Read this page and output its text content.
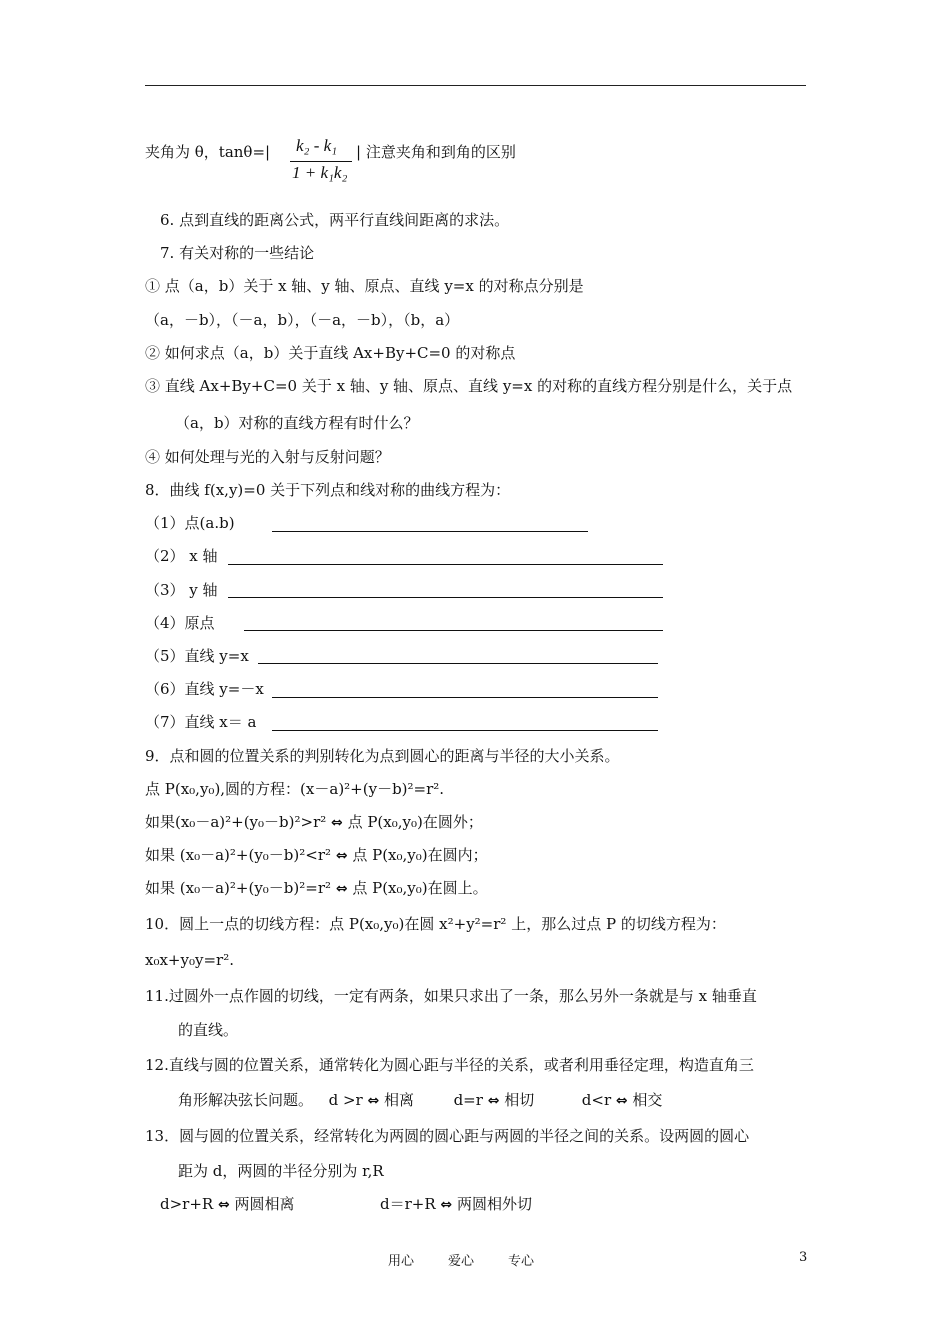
夹角为 θ，tanθ=| k₂ - k₁
1 + k₁k₂
| 注意夹角和到角的区别
6. 点到直线的距离公式，两平行直线间距离的求法。
7. 有关对称的一些结论
① 点（a，b）关于 x 轴、y 轴、原点、直线 y=x 的对称点分别是
（a，－b），（－a，b），（－a，－b），（b，a）
② 如何求点（a，b）关于直线 Ax+By+C=0 的对称点
③ 直线 Ax+By+C=0 关于 x 轴、y 轴、原点、直线 y=x 的对称的直线方程分别是什么，关于点
（a，b）对称的直线方程有时什么？
④ 如何处理与光的入射与反射问题？
8．曲线 f(x,y)=0 关于下列点和线对称的曲线方程为：
（1）点(a.b)
（2） x 轴
（3） y 轴
（4）原点
（5）直线 y=x
（6）直线 y=－x
（7）直线 x＝ a
9．点和圆的位置关系的判别转化为点到圆心的距离与半径的大小关系。
点 P(x₀,y₀),圆的方程：(x－a)²+(y－b)²=r².
如果(x₀－a)²+(y₀－b)²>r² ⇔ 点 P(x₀,y₀)在圆外；
如果 (x₀－a)²+(y₀－b)²<r² ⇔ 点 P(x₀,y₀)在圆内；
如果 (x₀－a)²+(y₀－b)²=r² ⇔ 点 P(x₀,y₀)在圆上。
10．圆上一点的切线方程：点 P(x₀,y₀)在圆 x²+y²=r² 上，那么过点 P 的切线方程为：
x₀x+y₀y=r².
11.过圆外一点作圆的切线，一定有两条，如果只求出了一条，那么另外一条就是与 x 轴垂直
的直线。
12.直线与圆的位置关系，通常转化为圆心距与半径的关系，或者利用垂径定理，构造直角三
角形解决弦长问题。 d >r ⇔ 相离	d=r ⇔ 相切	d<r ⇔ 相交
13．圆与圆的位置关系，经常转化为两圆的圆心距与两圆的半径之间的关系。设两圆的圆心
距为 d，两圆的半径分别为 r,R
d>r+R ⇔ 两圆相离	d＝r+R ⇔ 两圆相外切
用心	爱心	专心	3
